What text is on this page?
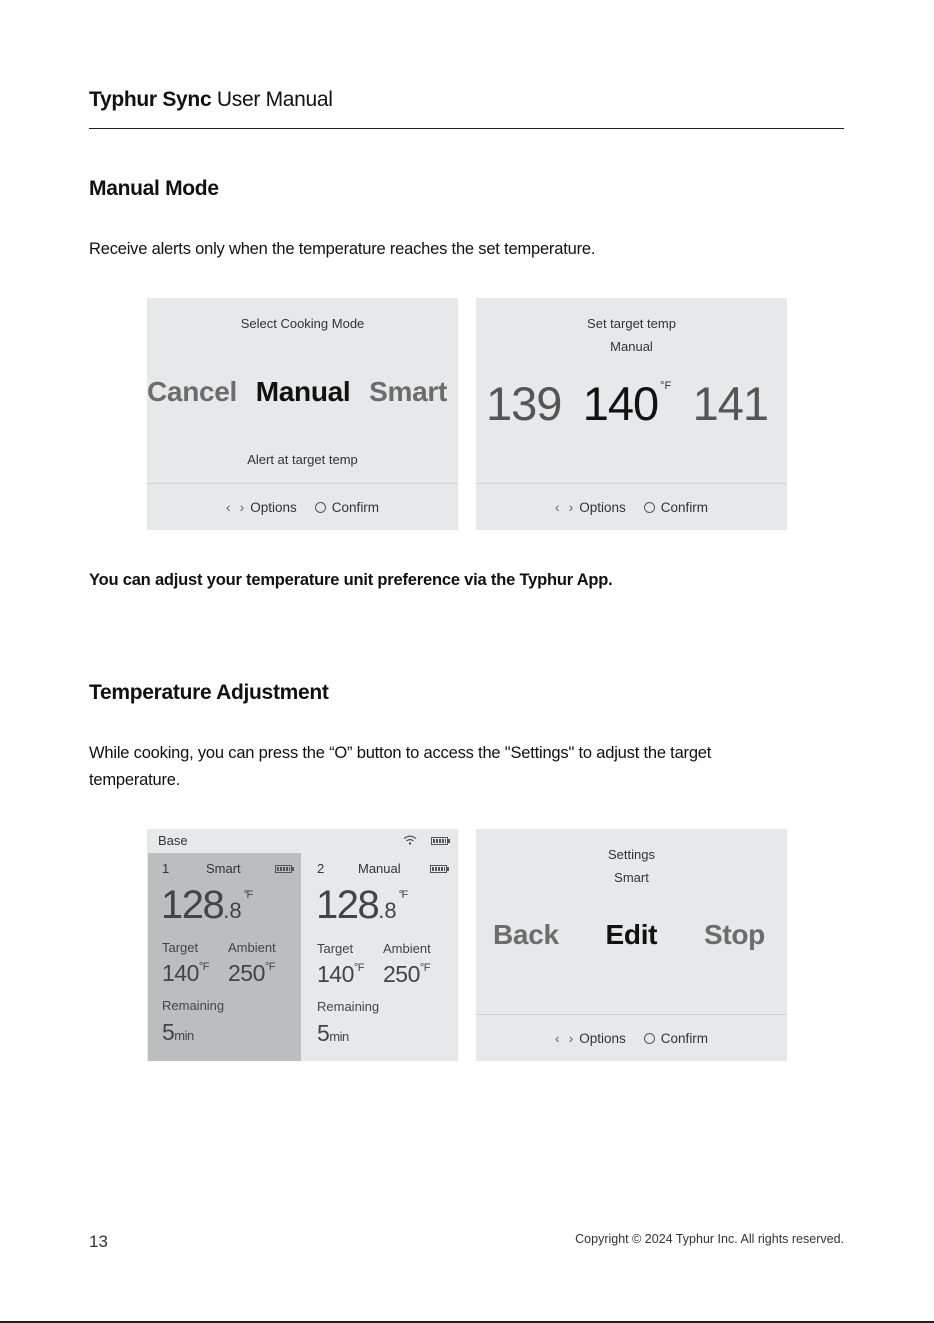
Typhur Sync User Manual
Manual Mode
Receive alerts only when the temperature reaches the set temperature.
Select Cooking Mode
Cancel Manual Smart
Alert at target temp
‹ › Options	Confirm
Set target temp
Manual
139 140 $^{^\circ F}$ 141
‹ › Options	Confirm
You can adjust your temperature unit preference via the Typhur App.
Temperature Adjustment
While cooking, you can press the “O” button to access the "Settings" to adjust the target temperature.
Base
1	Smart
$128.8^{^\circ F}$
Target Ambient
$140^{^\circ F}$ $250^{^\circ F}$
Remaining
5min
2	Manual
$128.8^{^\circ F}$
Target Ambient
$140^{^\circ F}$ $250^{^\circ F}$
Remaining
5min
Settings
Smart
Back Edit Stop
‹ › Options	Confirm
13	Copyright © 2024 Typhur Inc. All rights reserved.
